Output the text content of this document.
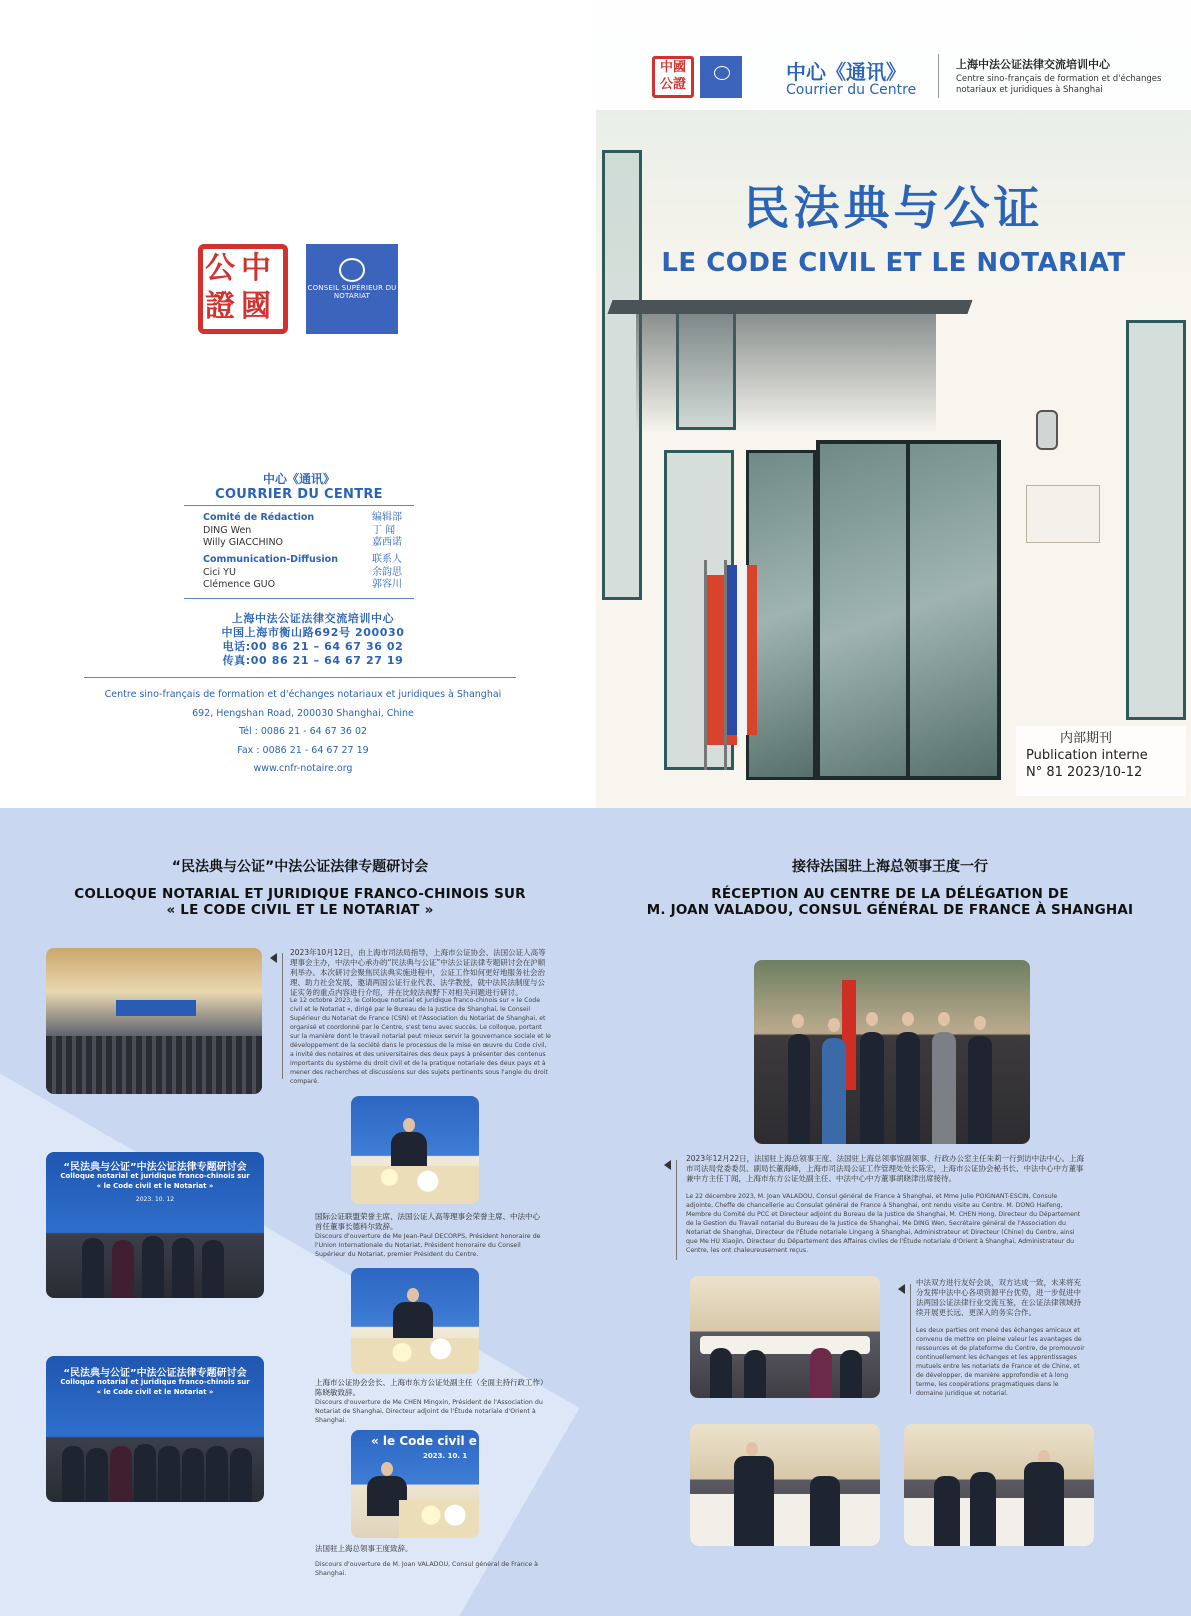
中
國
公
證
CONSEIL SUPÉRIEUR DU NOTARIAT
中心《通讯》
COURRIER DU CENTRE
Comité de Rédaction
DING Wen
Willy GIACCHINO
编辑部
丁 闻
嘉西诺
Communication-Diffusion
Cici YU
Clémence GUO
联系人
余韵思
郭容川
上海中法公证法律交流培训中心
中国上海市衡山路692号 200030
电话:00 86 21 – 64 67 36 02
传真:00 86 21 – 64 67 27 19
Centre sino-français de formation et d'échanges notariaux et juridiques à Shanghai
692, Hengshan Road, 200030 Shanghai, Chine
Tél : 0086 21 - 64 67 36 02
Fax : 0086 21 - 64 67 27 19
www.cnfr-notaire.org
中國
公證
中心《通讯》
Courrier du Centre
上海中法公证法律交流培训中心
Centre sino-français de formation et d'échanges notariaux et juridiques à Shanghai
民法典与公证
LE CODE CIVIL ET LE NOTARIAT
内部期刊
Publication interne
N° 81 2023/10-12
“民法典与公证”中法公证法律专题研讨会
COLLOQUE NOTARIAL ET JURIDIQUE FRANCO-CHINOIS SUR
« LE CODE CIVIL ET LE NOTARIAT »
2023年10月12日，由上海市司法局指导，上海市公证协会、法国公证人高等理事会主办，中法中心承办的“民法典与公证”中法公证法律专题研讨会在沪顺利举办。本次研讨会聚焦民法典实施进程中，公证工作如何更好地服务社会治理、助力社会发展，邀请两国公证行业代表、法学教授，就中法民法制度与公证实务的重点内容进行介绍，并在比较法视野下对相关问题进行研讨。
Le 12 octobre 2023, le Colloque notarial et juridique franco-chinois sur « le Code civil et le Notariat », dirigé par le Bureau de la Justice de Shanghai, le Conseil Supérieur du Notariat de France (CSN) et l'Association du Notariat de Shanghai, et organisé et coordonné par le Centre, s'est tenu avec succès. Le colloque, portant sur la manière dont le travail notarial peut mieux servir la gouvernance sociale et le développement de la société dans le processus de la mise en œuvre du Code civil, a invité des notaires et des universitaires des deux pays à présenter des contenus importants du système du droit civil et de la pratique notariale des deux pays et à mener des recherches et discussions sur des sujets pertinents sous l'angle du droit comparé.
国际公证联盟荣誉主席、法国公证人高等理事会荣誉主席、中法中心首任董事长德科尔致辞。
Discours d'ouverture de Me Jean-Paul DECORPS, Président honoraire de l'Union Internationale du Notariat, Président honoraire du Conseil Supérieur du Notariat, premier Président du Centre.
“民法典与公证”中法公证法律专题研讨会
Colloque notarial et juridique franco-chinois sur
« le Code civil et le Notariat »
2023. 10. 12
上海市公证协会会长、上海市东方公证处副主任（全面主持行政工作）陈晓敏致辞。
Discours d'ouverture de Me CHEN Mingxin, Président de l'Association du Notariat de Shanghai, Directeur adjoint de l'Étude notariale d'Orient à Shanghai.
“民法典与公证”中法公证法律专题研讨会
Colloque notarial et juridique franco-chinois sur
« le Code civil et le Notariat »
« le Code civil e
2023. 10. 1
法国驻上海总领事王度致辞。
Discours d'ouverture de M. Joan VALADOU, Consul général de France à Shanghai.
接待法国驻上海总领事王度一行
RÉCEPTION AU CENTRE DE LA DÉLÉGATION DE
M. JOAN VALADOU, CONSUL GÉNÉRAL DE FRANCE À SHANGHAI
2023年12月22日，法国驻上海总领事王度、法国驻上海总领事馆副领事、行政办公室主任朱莉一行到访中法中心。上海市司法局党委委员、副局长董海峰，上海市司法局公证工作管理处处长陈宏，上海市公证协会秘书长、中法中心中方董事兼中方主任丁闻，上海市东方公证处副主任、中法中心中方董事胡晓津出席接待。
Le 22 décembre 2023, M. Joan VALADOU, Consul général de France à Shanghai, et Mme Julie POIGNANT-ESCIN, Consule adjointe, Cheffe de chancellerie au Consulat général de France à Shanghai, ont rendu visite au Centre. M. DONG Haifeng, Membre du Comité du PCC et Directeur adjoint du Bureau de la Justice de Shanghai, M. CHEN Hong, Directeur du Département de la Gestion du Travail notarial du Bureau de la Justice de Shanghai, Me DING Wen, Secrétaire général de l'Association du Notariat de Shanghai, Directeur de l'Étude notariale Lingang à Shanghai, Administrateur et Directeur (Chine) du Centre, ainsi que Me HU Xiaojin, Directeur du Département des Affaires civiles de l'Étude notariale d'Orient à Shanghai, Administrateur du Centre, les ont chaleureusement reçus.
中法双方进行友好会谈，双方达成一致，未来将充分发挥中法中心各项资源平台优势，进一步促进中法两国公证法律行业交流互鉴，在公证法律领域持续开展更长远、更深入的务实合作。
Les deux parties ont mené des échanges amicaux et convenu de mettre en pleine valeur les avantages de ressources et de plateforme du Centre, de promouvoir continuellement les échanges et les apprentissages mutuels entre les notariats de France et de Chine, et de développer, de manière approfondie et à long terme, les coopérations pragmatiques dans le domaine juridique et notarial.
